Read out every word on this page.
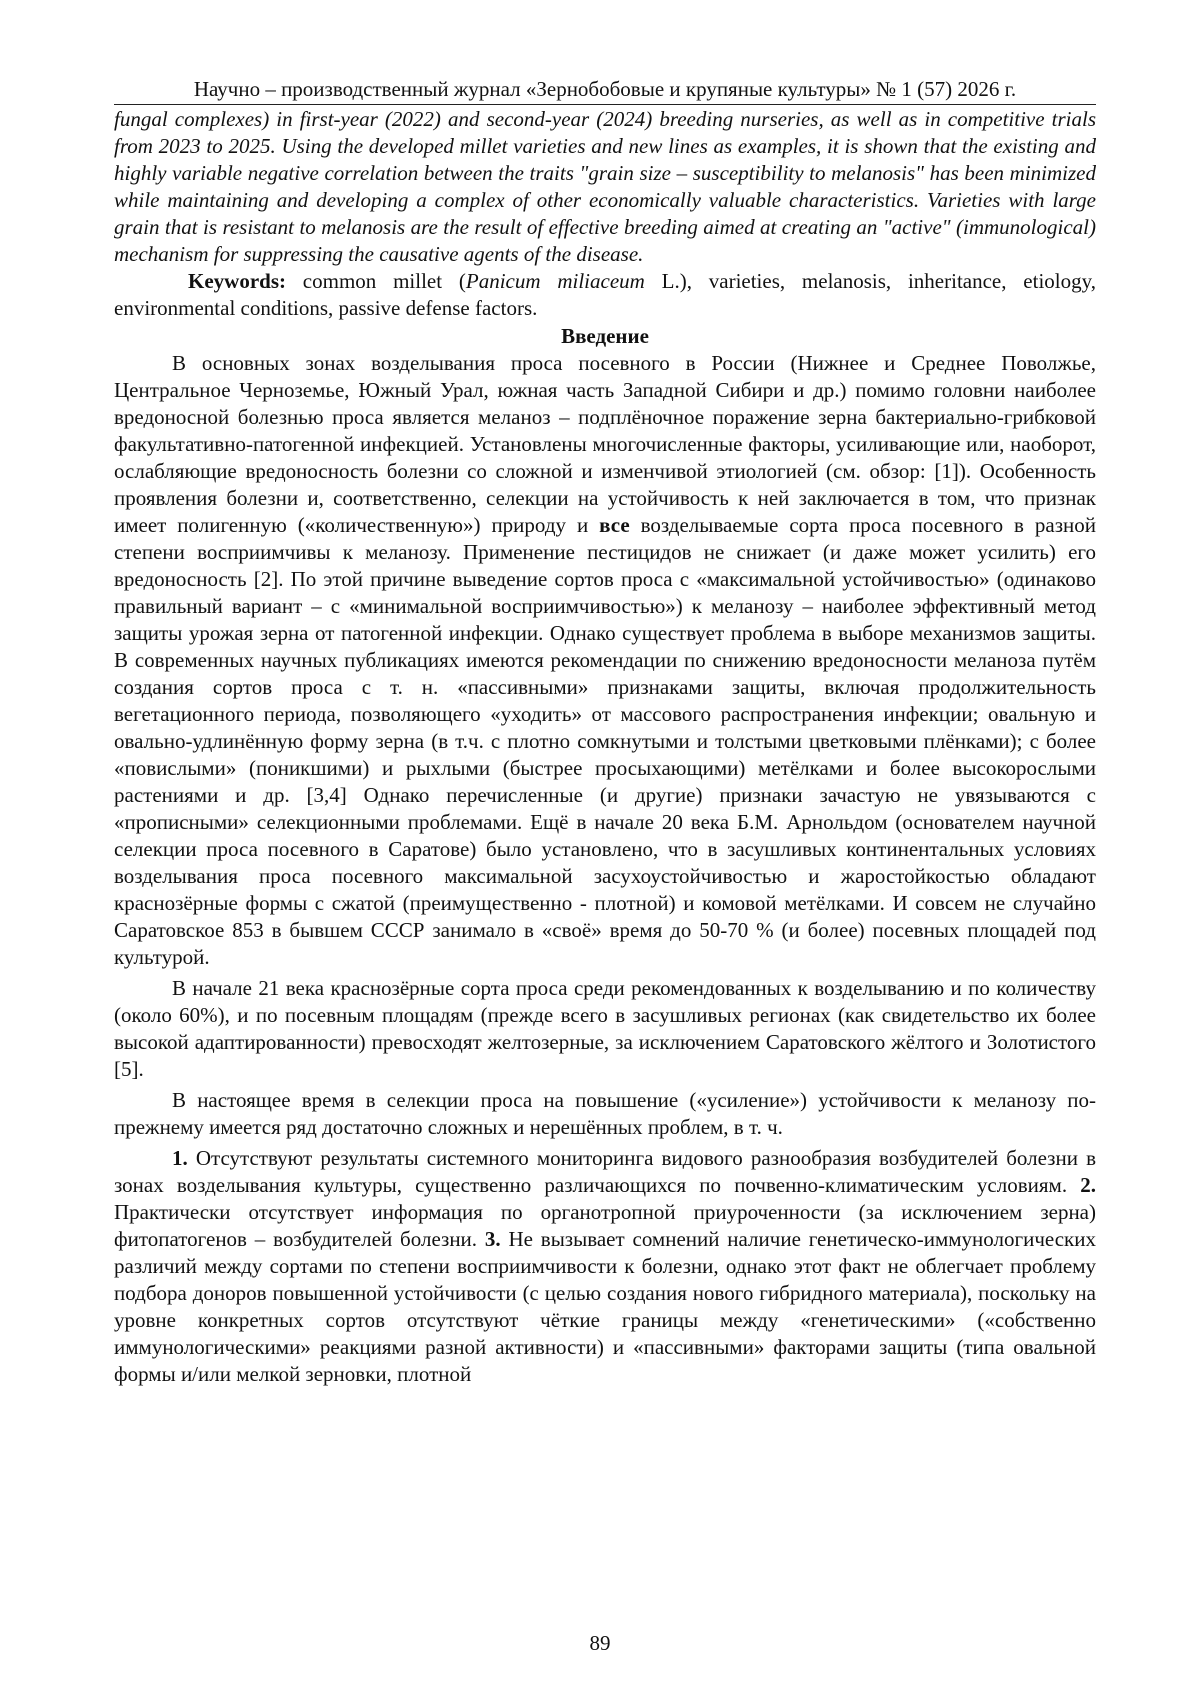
Научно – производственный журнал «Зернобобовые и крупяные культуры» № 1 (57) 2026 г.

fungal complexes) in first-year (2022) and second-year (2024) breeding nurseries, as well as in competitive trials from 2023 to 2025. Using the developed millet varieties and new lines as examples, it is shown that the existing and highly variable negative correlation between the traits "grain size – susceptibility to melanosis" has been minimized while maintaining and developing a complex of other economically valuable characteristics. Varieties with large grain that is resistant to melanosis are the result of effective breeding aimed at creating an "active" (immunological) mechanism for suppressing the causative agents of the disease.

Keywords: common millet (Panicum miliaceum L.), varieties, melanosis, inheritance, etiology, environmental conditions, passive defense factors.

Введение

В основных зонах возделывания проса посевного в России (Нижнее и Среднее Поволжье, Центральное Черноземье, Южный Урал, южная часть Западной Сибири и др.) помимо головни наиболее вредоносной болезнью проса является меланоз – подплёночное поражение зерна бактериально-грибковой факультативно-патогенной инфекцией. Установлены многочисленные факторы, усиливающие или, наоборот, ослабляющие вредоносность болезни со сложной и изменчивой этиологией (см. обзор: [1]). Особенность проявления болезни и, соответственно, селекции на устойчивость к ней заключается в том, что признак имеет полигенную («количественную») природу и все возделываемые сорта проса посевного в разной степени восприимчивы к меланозу. Применение пестицидов не снижает (и даже может усилить) его вредоносность [2]. По этой причине выведение сортов проса с «максимальной устойчивостью» (одинаково правильный вариант – с «минимальной восприимчивостью») к меланозу – наиболее эффективный метод защиты урожая зерна от патогенной инфекции. Однако существует проблема в выборе механизмов защиты. В современных научных публикациях имеются рекомендации по снижению вредоносности меланоза путём создания сортов проса с т. н. «пассивными» признаками защиты, включая продолжительность вегетационного периода, позволяющего «уходить» от массового распространения инфекции; овальную и овально-удлинённую форму зерна (в т.ч. с плотно сомкнутыми и толстыми цветковыми плёнками); с более «повислыми» (поникшими) и рыхлыми (быстрее просыхающими) метёлками и более высокорослыми растениями и др. [3,4] Однако перечисленные (и другие) признаки зачастую не увязываются с «прописными» селекционными проблемами. Ещё в начале 20 века Б.М. Арнольдом (основателем научной селекции проса посевного в Саратове) было установлено, что в засушливых континентальных условиях возделывания проса посевного максимальной засухоустойчивостью и жаростойкостью обладают краснозёрные формы с сжатой (преимущественно - плотной) и комовой метёлками. И совсем не случайно Саратовское 853 в бывшем СССР занимало в «своё» время до 50-70 % (и более) посевных площадей под культурой.

В начале 21 века краснозёрные сорта проса среди рекомендованных к возделыванию и по количеству (около 60%), и по посевным площадям (прежде всего в засушливых регионах (как свидетельство их более высокой адаптированности) превосходят желтозерные, за исключением Саратовского жёлтого и Золотистого [5].

В настоящее время в селекции проса на повышение («усиление») устойчивости к меланозу по-прежнему имеется ряд достаточно сложных и нерешённых проблем, в т. ч.

1. Отсутствуют результаты системного мониторинга видового разнообразия возбудителей болезни в зонах возделывания культуры, существенно различающихся по почвенно-климатическим условиям. 2. Практически отсутствует информация по органотропной приуроченности (за исключением зерна) фитопатогенов – возбудителей болезни. 3. Не вызывает сомнений наличие генетическо-иммунологических различий между сортами по степени восприимчивости к болезни, однако этот факт не облегчает проблему подбора доноров повышенной устойчивости (с целью создания нового гибридного материала), поскольку на уровне конкретных сортов отсутствуют чёткие границы между «генетическими» («собственно иммунологическими» реакциями разной активности) и «пассивными» факторами защиты (типа овальной формы и/или мелкой зерновки, плотной

89
